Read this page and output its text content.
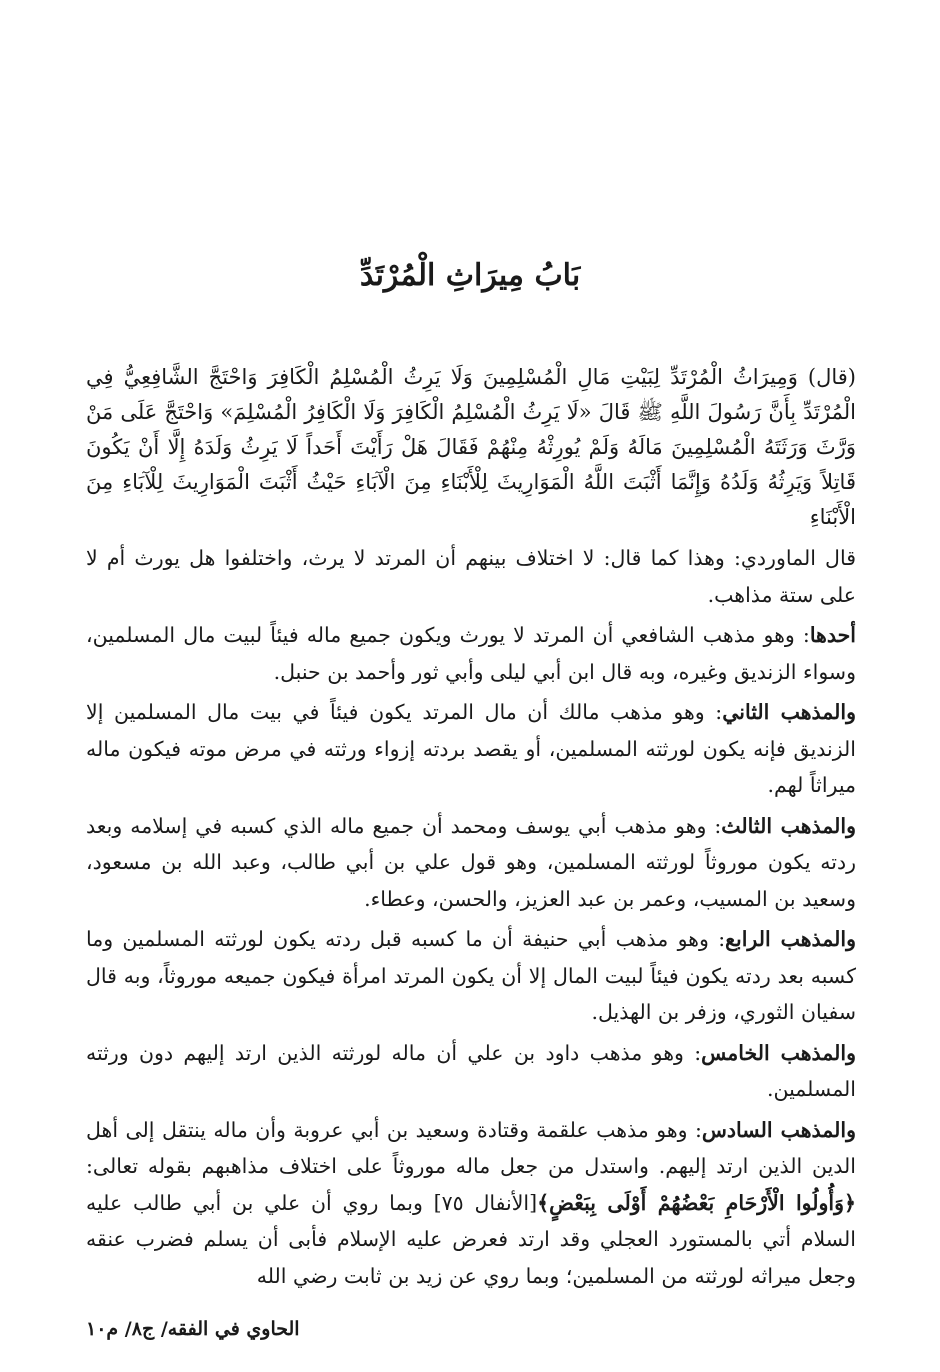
بَابُ مِيرَاثِ الْمُرْتَدِّ
(قال) وَمِيرَاثُ الْمُرْتَدِّ لِبَيْتِ مَالِ الْمُسْلِمِينَ وَلَا يَرِثُ الْمُسْلِمُ الْكَافِرَ وَاحْتَجَّ الشَّافِعِيُّ فِي الْمُرْتَدِّ بِأَنَّ رَسُولَ اللَّهِ ﷺ قَالَ «لَا يَرِثُ الْمُسْلِمُ الْكَافِرَ وَلَا الْكَافِرُ الْمُسْلِمَ» وَاحْتَجَّ عَلَى مَنْ وَرَّثَ وَرَثَتَهُ الْمُسْلِمِينَ مَالَهُ وَلَمْ يُورِثْهُ مِنْهُمْ فَقَالَ هَلْ رَأَيْتَ أَحَداً لَا يَرِثُ وَلَدَهُ إِلَّا أَنْ يَكُونَ قَاتِلاً وَيَرِثُهُ وَلَدُهُ وَإِنَّمَا أَثْبَتَ اللَّهُ الْمَوَارِيثَ لِلْأَبْنَاءِ مِنَ الْآبَاءِ حَيْثُ أَثْبَتَ الْمَوَارِيثَ لِلْآبَاءِ مِنَ الْأَبْنَاءِ

قال الماوردي: وهذا كما قال: لا اختلاف بينهم أن المرتد لا يرث، واختلفوا هل يورث أم لا على ستة مذاهب.

أحدها: وهو مذهب الشافعي أن المرتد لا يورث ويكون جميع ماله فيئاً لبيت مال المسلمين، وسواء الزنديق وغيره، وبه قال ابن أبي ليلى وأبي ثور وأحمد بن حنبل.

والمذهب الثاني: وهو مذهب مالك أن مال المرتد يكون فيئاً في بيت مال المسلمين إلا الزنديق فإنه يكون لورثته المسلمين، أو يقصد بردته إزواء ورثته في مرض موته فيكون ماله ميراثاً لهم.

والمذهب الثالث: وهو مذهب أبي يوسف ومحمد أن جميع ماله الذي كسبه في إسلامه وبعد ردته يكون موروثاً لورثته المسلمين، وهو قول علي بن أبي طالب، وعبد الله بن مسعود، وسعيد بن المسيب، وعمر بن عبد العزيز، والحسن، وعطاء.

والمذهب الرابع: وهو مذهب أبي حنيفة أن ما كسبه قبل ردته يكون لورثته المسلمين وما كسبه بعد ردته يكون فيئاً لبيت المال إلا أن يكون المرتد امرأة فيكون جميعه موروثاً، وبه قال سفيان الثوري، وزفر بن الهذيل.

والمذهب الخامس: وهو مذهب داود بن علي أن ماله لورثته الذين ارتد إليهم دون ورثته المسلمين.

والمذهب السادس: وهو مذهب علقمة وقتادة وسعيد بن أبي عروبة وأن ماله ينتقل إلى أهل الدين الذين ارتد إليهم. واستدل من جعل ماله موروثاً على اختلاف مذاهبهم بقوله تعالى: ﴿وَأُولُوا الْأَرْحَامِ بَعْضُهُمْ أَوْلَى بِبَعْضٍ﴾[الأنفال ٧٥] وبما روي أن علي بن أبي طالب عليه السلام أتي بالمستورد العجلي وقد ارتد فعرض عليه الإسلام فأبى أن يسلم فضرب عنقه وجعل ميراثه لورثته من المسلمين؛ وبما روي عن زيد بن ثابت رضي الله

الحاوي في الفقه/ ج٨/ م١٠
